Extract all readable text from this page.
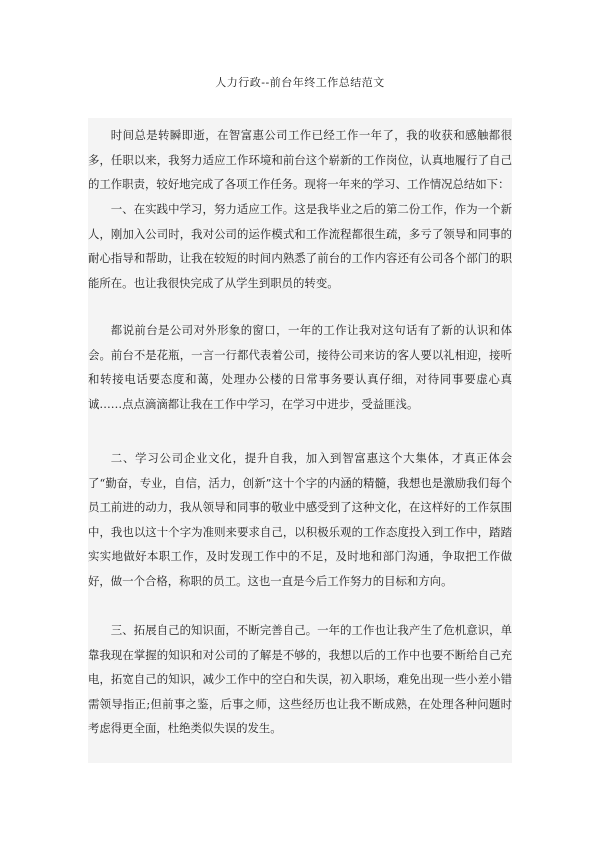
人力行政--前台年终工作总结范文

时间总是转瞬即逝，在智富惠公司工作已经工作一年了，我的收获和感触都很多，任职以来，我努力适应工作环境和前台这个崭新的工作岗位，认真地履行了自己的工作职责，较好地完成了各项工作任务。现将一年来的学习、工作情况总结如下：

一、在实践中学习，努力适应工作。这是我毕业之后的第二份工作，作为一个新人，刚加入公司时，我对公司的运作模式和工作流程都很生疏，多亏了领导和同事的耐心指导和帮助，让我在较短的时间内熟悉了前台的工作内容还有公司各个部门的职能所在。也让我很快完成了从学生到职员的转变。

都说前台是公司对外形象的窗口，一年的工作让我对这句话有了新的认识和体会。前台不是花瓶，一言一行都代表着公司，接待公司来访的客人要以礼相迎，接听和转接电话要态度和蔼，处理办公楼的日常事务要认真仔细，对待同事要虚心真诚……点点滴滴都让我在工作中学习，在学习中进步，受益匪浅。

二、学习公司企业文化，提升自我，加入到智富惠这个大集体，才真正体会了“勤奋，专业，自信，活力，创新”这十个字的内涵的精髓，我想也是激励我们每个员工前进的动力，我从领导和同事的敬业中感受到了这种文化，在这样好的工作氛围中，我也以这十个字为准则来要求自己，以积极乐观的工作态度投入到工作中，踏踏实实地做好本职工作，及时发现工作中的不足，及时地和部门沟通，争取把工作做好，做一个合格，称职的员工。这也一直是今后工作努力的目标和方向。

三、拓展自己的知识面，不断完善自己。一年的工作也让我产生了危机意识，单靠我现在掌握的知识和对公司的了解是不够的，我想以后的工作中也要不断给自己充电，拓宽自己的知识，减少工作中的空白和失误，初入职场，难免出现一些小差小错需领导指正;但前事之鉴，后事之师，这些经历也让我不断成熟，在处理各种问题时考虑得更全面，杜绝类似失误的发生。
